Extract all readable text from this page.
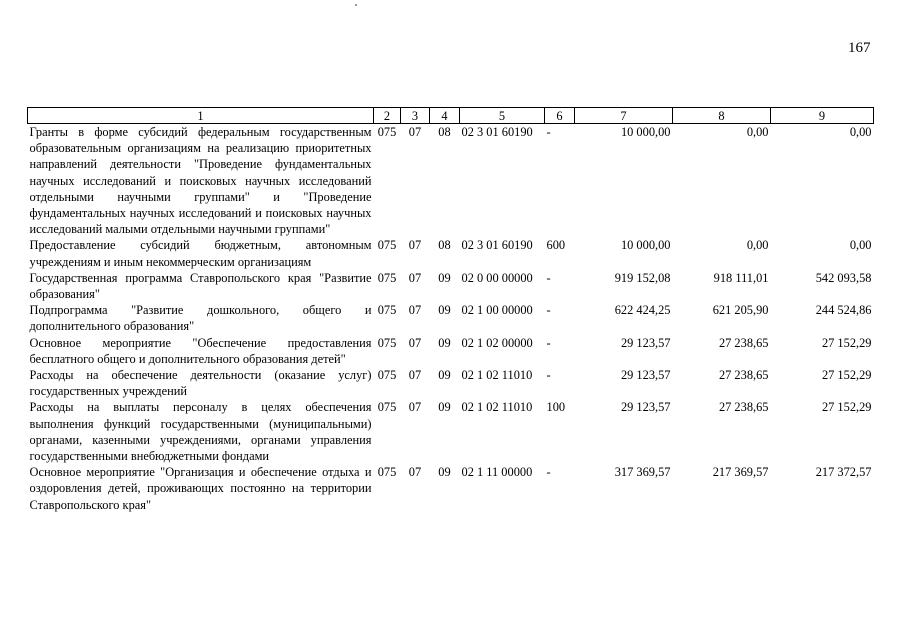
167
1	2	3	4	5	6	7	8	9
Гранты в форме субсидий федеральным государственным образовательным организациям на реализацию приоритетных направлений деятельности "Проведение фундаментальных научных исследований и поисковых научных исследований отдельными научными группами" и "Проведение фундаментальных научных исследований и поисковых научных исследований малыми отдельными научными группами"	075	07	08	02 3 01 60190	-	10 000,00	0,00	0,00
Предоставление субсидий бюджетным, автономным учреждениям и иным некоммерческим организациям	075	07	08	02 3 01 60190	600	10 000,00	0,00	0,00
Государственная программа Ставропольского края "Развитие образования"	075	07	09	02 0 00 00000	-	919 152,08	918 111,01	542 093,58
Подпрограмма "Развитие дошкольного, общего и дополнительного образования"	075	07	09	02 1 00 00000	-	622 424,25	621 205,90	244 524,86
Основное мероприятие "Обеспечение предоставления бесплатного общего и дополнительного образования детей"	075	07	09	02 1 02 00000	-	29 123,57	27 238,65	27 152,29
Расходы на обеспечение деятельности (оказание услуг) государственных учреждений	075	07	09	02 1 02 11010	-	29 123,57	27 238,65	27 152,29
Расходы на выплаты персоналу в целях обеспечения выполнения функций государственными (муниципальными) органами, казенными учреждениями, органами управления государственными внебюджетными фондами	075	07	09	02 1 02 11010	100	29 123,57	27 238,65	27 152,29
Основное мероприятие "Организация и обеспечение отдыха и оздоровления детей, проживающих постоянно на территории Ставропольского края"	075	07	09	02 1 11 00000	-	317 369,57	217 369,57	217 372,57
